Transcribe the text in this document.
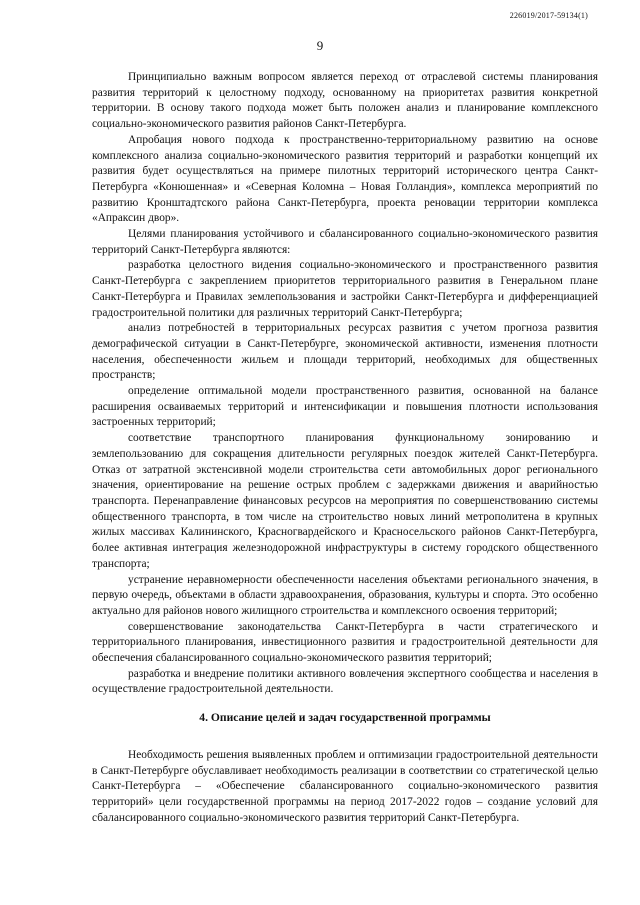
226019/2017-59134(1)
9

Принципиально важным вопросом является переход от отраслевой системы планирования развития территорий к целостному подходу, основанному на приоритетах развития конкретной территории. В основу такого подхода может быть положен анализ и планирование комплексного социально-экономического развития районов Санкт-Петербурга.

Апробация нового подхода к пространственно-территориальному развитию на основе комплексного анализа социально-экономического развития территорий и разработки концепций их развития будет осуществляться на примере пилотных территорий исторического центра Санкт-Петербурга «Конюшенная» и «Северная Коломна – Новая Голландия», комплекса мероприятий по развитию Кронштадтского района Санкт-Петербурга, проекта реновации территории комплекса «Апраксин двор».

Целями планирования устойчивого и сбалансированного социально-экономического развития территорий Санкт-Петербурга являются:

разработка целостного видения социально-экономического и пространственного развития Санкт-Петербурга с закреплением приоритетов территориального развития в Генеральном плане Санкт-Петербурга и Правилах землепользования и застройки Санкт-Петербурга и дифференциацией градостроительной политики для различных территорий Санкт-Петербурга;

анализ потребностей в территориальных ресурсах развития с учетом прогноза развития демографической ситуации в Санкт-Петербурге, экономической активности, изменения плотности населения, обеспеченности жильем и площади территорий, необходимых для общественных пространств;

определение оптимальной модели пространственного развития, основанной на балансе расширения осваиваемых территорий и интенсификации и повышения плотности использования застроенных территорий;

соответствие транспортного планирования функциональному зонированию и землепользованию для сокращения длительности регулярных поездок жителей Санкт-Петербурга. Отказ от затратной экстенсивной модели строительства сети автомобильных дорог регионального значения, ориентирование на решение острых проблем с задержками движения и аварийностью транспорта. Перенаправление финансовых ресурсов на мероприятия по совершенствованию системы общественного транспорта, в том числе на строительство новых линий метрополитена в крупных жилых массивах Калининского, Красногвардейского и Красносельского районов Санкт-Петербурга, более активная интеграция железнодорожной инфраструктуры в систему городского общественного транспорта;

устранение неравномерности обеспеченности населения объектами регионального значения, в первую очередь, объектами в области здравоохранения, образования, культуры и спорта. Это особенно актуально для районов нового жилищного строительства и комплексного освоения территорий;

совершенствование законодательства Санкт-Петербурга в части стратегического и территориального планирования, инвестиционного развития и градостроительной деятельности для обеспечения сбалансированного социально-экономического развития территорий;

разработка и внедрение политики активного вовлечения экспертного сообщества и населения в осуществление градостроительной деятельности.

4. Описание целей и задач государственной программы

Необходимость решения выявленных проблем и оптимизации градостроительной деятельности в Санкт-Петербурге обуславливает необходимость реализации в соответствии со стратегической целью Санкт-Петербурга – «Обеспечение сбалансированного социально-экономического развития территорий» цели государственной программы на период 2017-2022 годов – создание условий для сбалансированного социально-экономического развития территорий Санкт-Петербурга.
